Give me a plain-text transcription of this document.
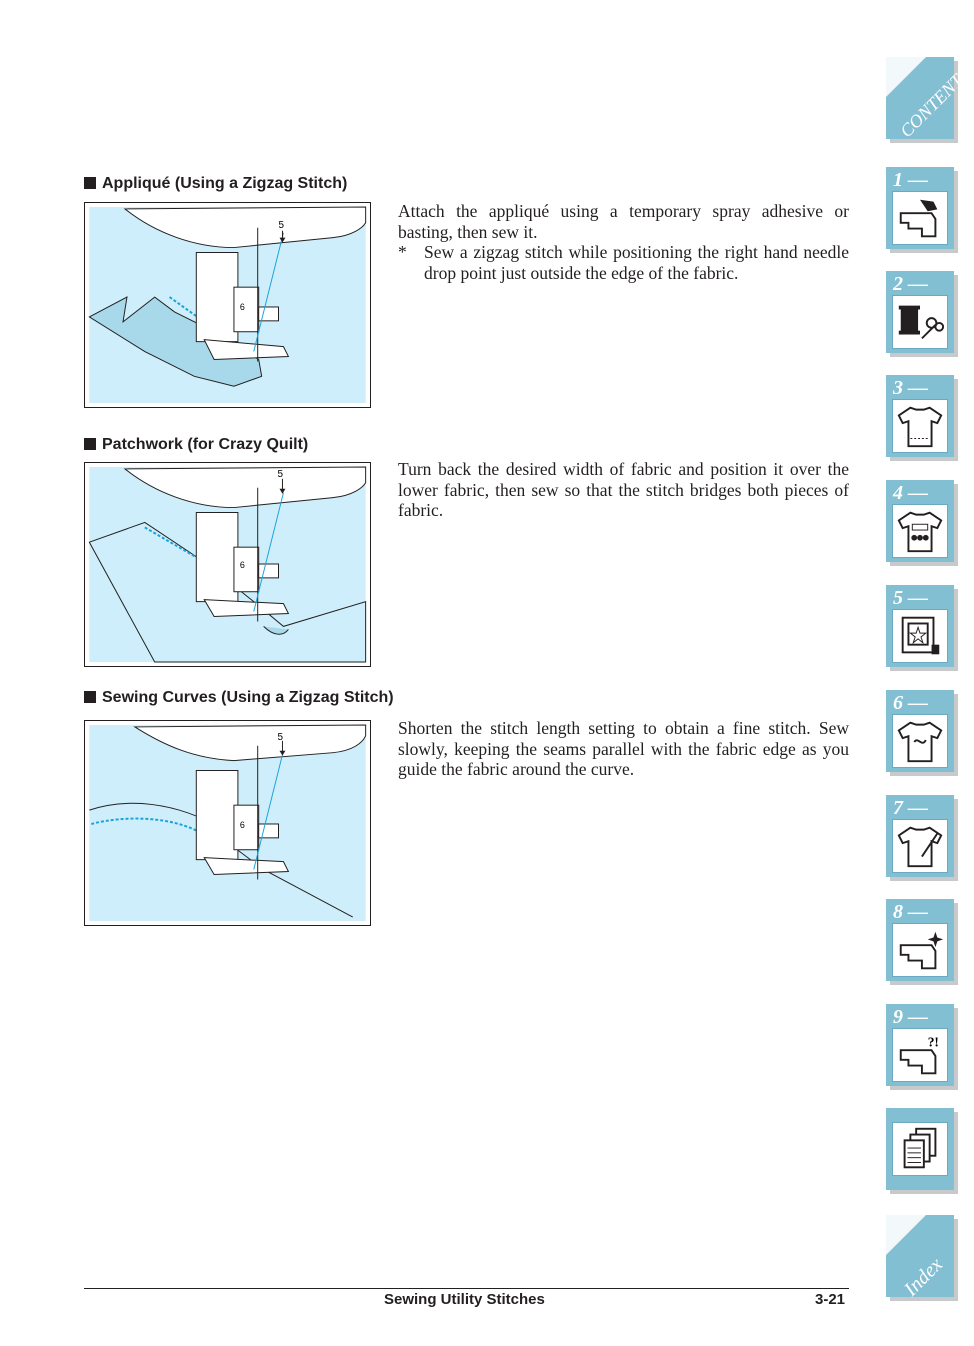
Appliqué (Using a Zigzag Stitch)
5
6

Attach the appliqué using a temporary spray adhesive or basting, then sew it.

* Sew a zigzag stitch while positioning the right hand needle drop point just outside the edge of the fabric.

Patchwork (for Crazy Quilt)
5
6

Turn back the desired width of fabric and position it over the lower fabric, then sew so that the stitch bridges both pieces of fabric.

Sewing Curves (Using a Zigzag Stitch)
5
6

Shorten the stitch length setting to obtain a fine stitch. Sew slowly, keeping the seams parallel with the fabric edge as you guide the fabric around the curve.

Sewing Utility Stitches	3-21
CONTENTS
1 —
2 —
3 —
4 —
5 —
6 —
7 —
8 —
9 —
?!
Index
